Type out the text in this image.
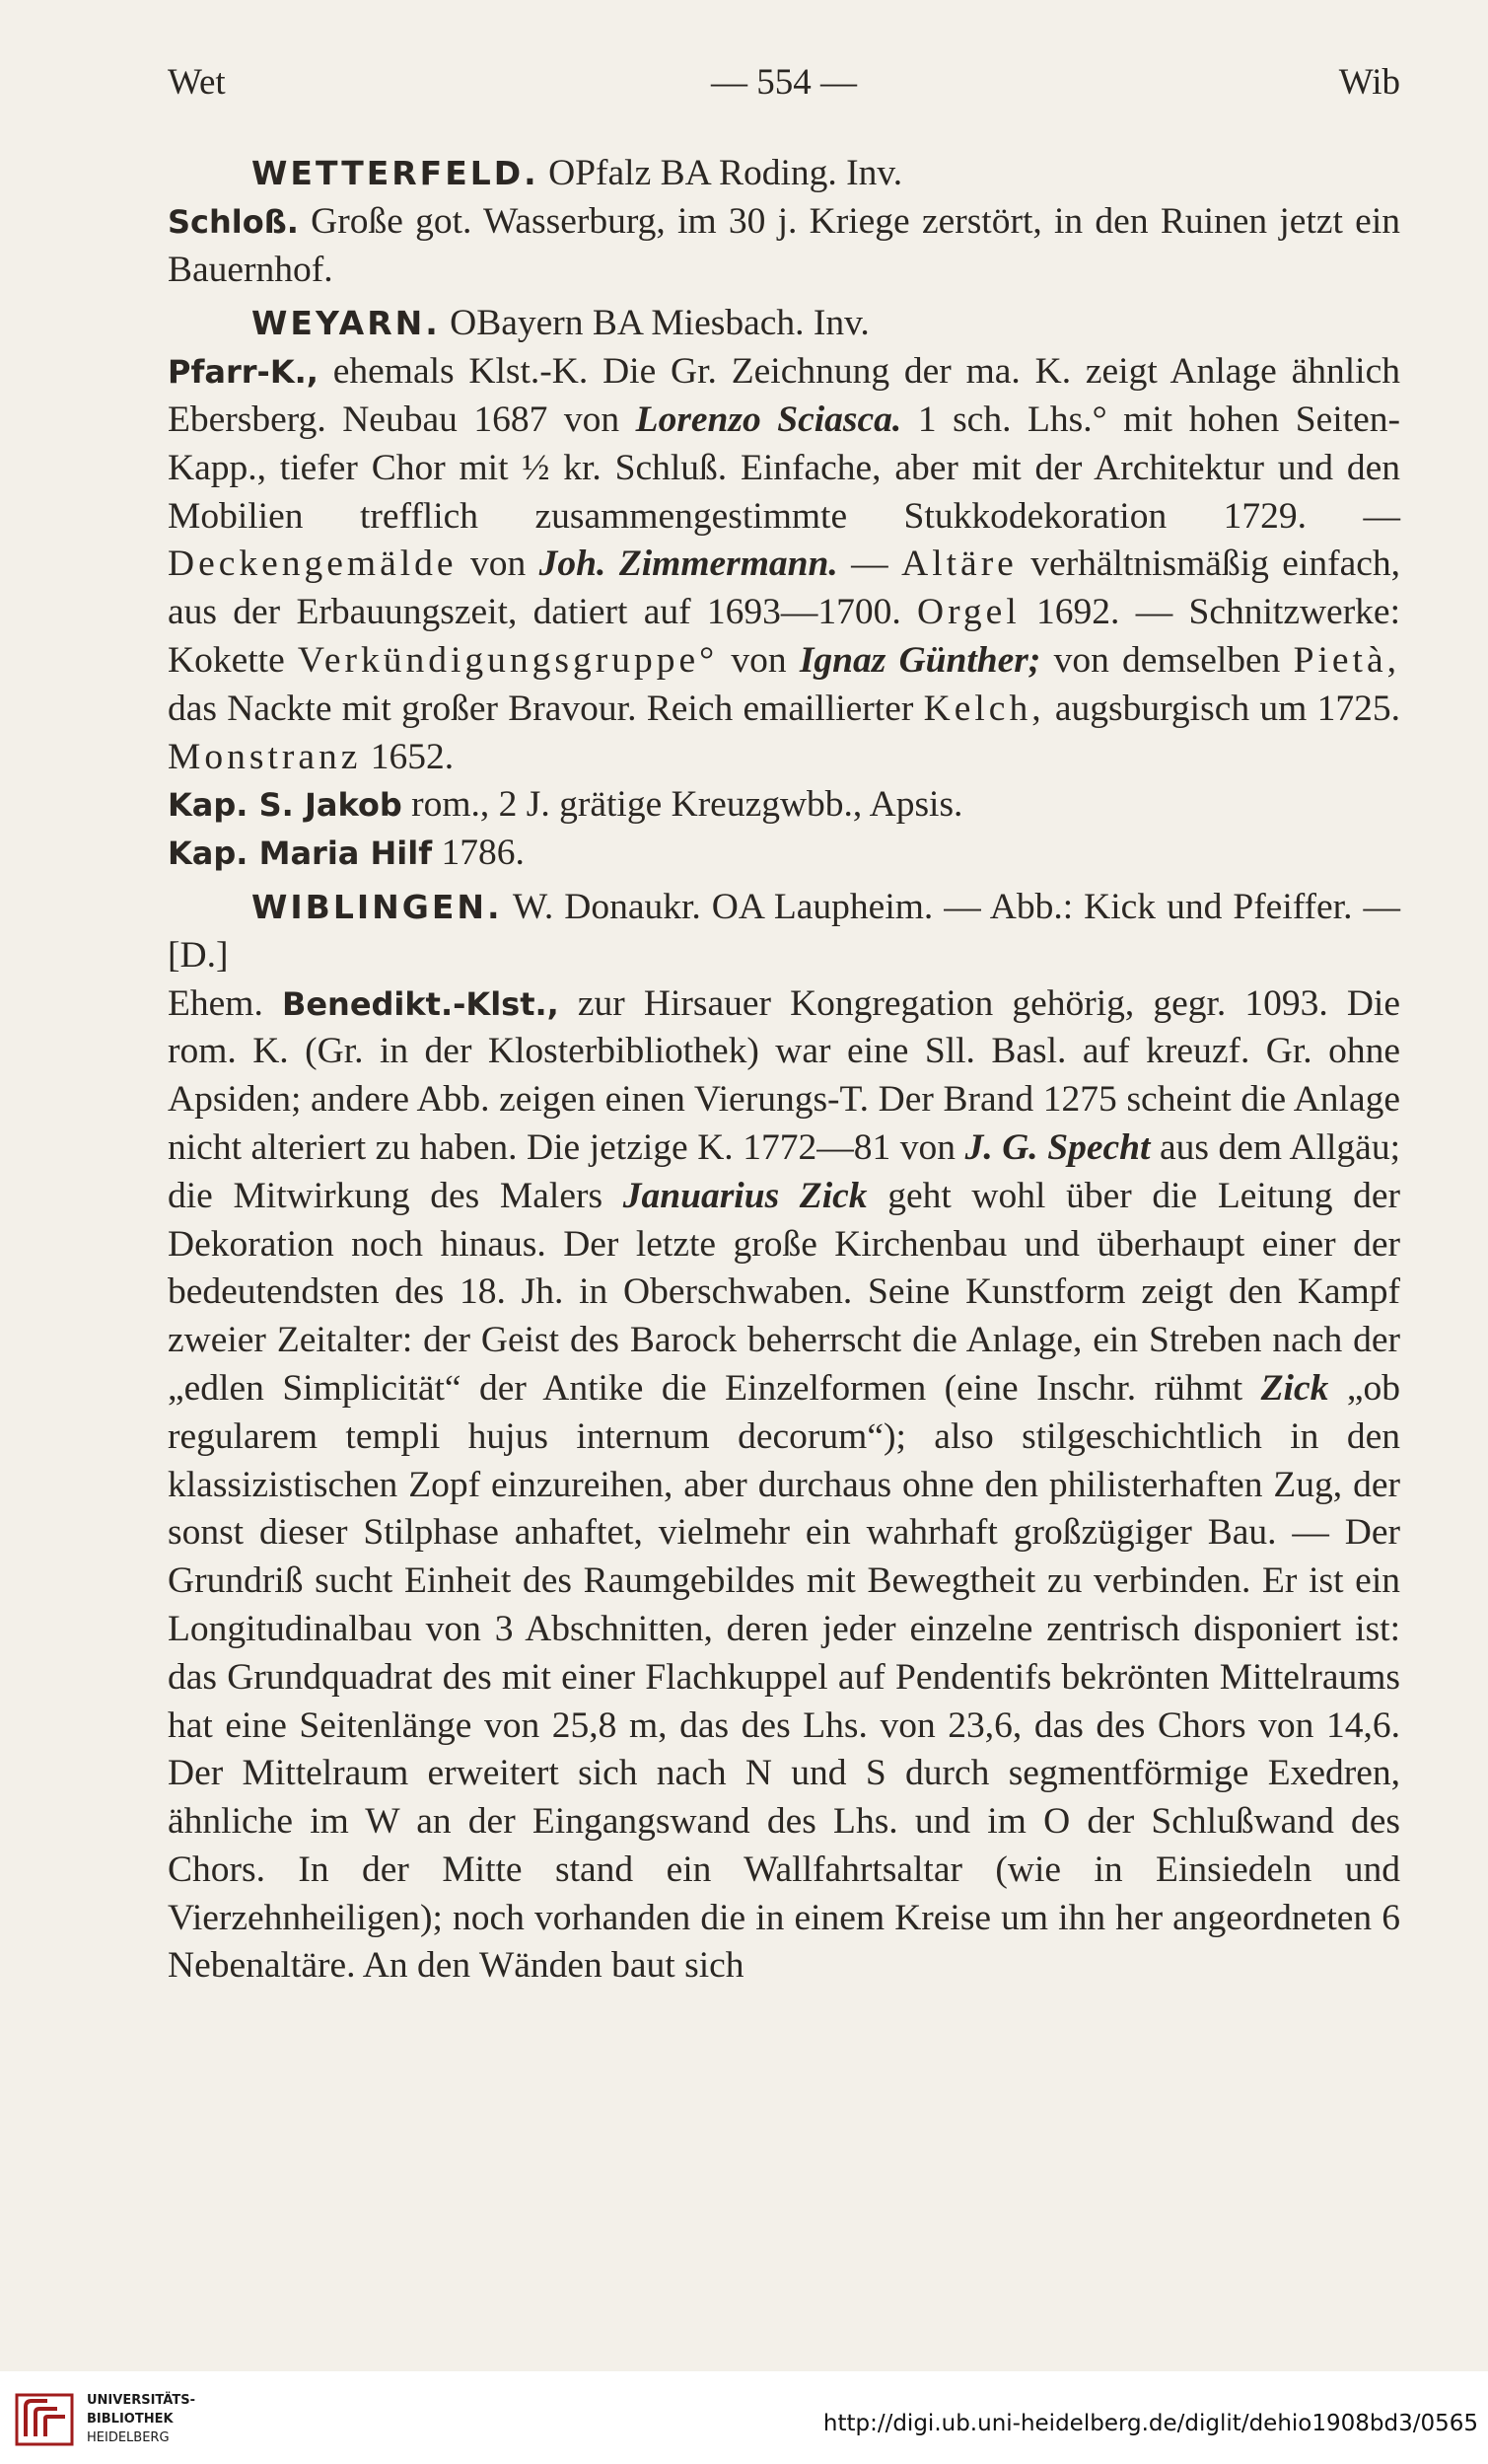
Wet	— 554 —	Wib

WETTERFELD. OPfalz BA Roding. Inv.

Schloß. Große got. Wasserburg, im 30 j. Kriege zerstört, in den Ruinen jetzt ein Bauernhof.

WEYARN. OBayern BA Miesbach. Inv.

Pfarr-K., ehemals Klst.-K. Die Gr. Zeichnung der ma. K. zeigt Anlage ähnlich Ebersberg. Neubau 1687 von Lorenzo Sciasca. 1 sch. Lhs.° mit hohen Seiten-Kapp., tiefer Chor mit ½ kr. Schluß. Einfache, aber mit der Architektur und den Mobilien trefflich zusammengestimmte Stukkodekoration 1729. — Deckengemälde von Joh. Zimmermann. — Altäre verhältnismäßig einfach, aus der Erbauungszeit, datiert auf 1693—1700. Orgel 1692. — Schnitzwerke: Kokette Verkündigungsgruppe° von Ignaz Günther; von demselben Pietà, das Nackte mit großer Bravour. Reich emaillierter Kelch, augsburgisch um 1725. Monstranz 1652.

Kap. S. Jakob rom., 2 J. grätige Kreuzgwbb., Apsis.

Kap. Maria Hilf 1786.

WIBLINGEN. W. Donaukr. OA Laupheim. — Abb.: Kick und Pfeiffer. — [D.]

Ehem. Benedikt.-Klst., zur Hirsauer Kongregation gehörig, gegr. 1093. Die rom. K. (Gr. in der Klosterbibliothek) war eine Sll. Basl. auf kreuzf. Gr. ohne Apsiden; andere Abb. zeigen einen Vierungs-T. Der Brand 1275 scheint die Anlage nicht alteriert zu haben. Die jetzige K. 1772—81 von J. G. Specht aus dem Allgäu; die Mitwirkung des Malers Januarius Zick geht wohl über die Leitung der Dekoration noch hinaus. Der letzte große Kirchenbau und überhaupt einer der bedeutendsten des 18. Jh. in Oberschwaben. Seine Kunstform zeigt den Kampf zweier Zeitalter: der Geist des Barock beherrscht die Anlage, ein Streben nach der „edlen Simplicität“ der Antike die Einzelformen (eine Inschr. rühmt Zick „ob regularem templi hujus internum decorum“); also stilgeschichtlich in den klassizistischen Zopf einzureihen, aber durchaus ohne den philisterhaften Zug, der sonst dieser Stilphase anhaftet, vielmehr ein wahrhaft großzügiger Bau. — Der Grundriß sucht Einheit des Raumgebildes mit Bewegtheit zu verbinden. Er ist ein Longitudinalbau von 3 Abschnitten, deren jeder einzelne zentrisch disponiert ist: das Grundquadrat des mit einer Flachkuppel auf Pendentifs bekrönten Mittelraums hat eine Seitenlänge von 25,8 m, das des Lhs. von 23,6, das des Chors von 14,6. Der Mittelraum erweitert sich nach N und S durch segmentförmige Exedren, ähnliche im W an der Eingangswand des Lhs. und im O der Schlußwand des Chors. In der Mitte stand ein Wallfahrtsaltar (wie in Einsiedeln und Vierzehnheiligen); noch vorhanden die in einem Kreise um ihn her angeordneten 6 Nebenaltäre. An den Wänden baut sich

UNIVERSITÄTS-
BIBLIOTHEK
HEIDELBERG
http://digi.ub.uni-heidelberg.de/diglit/dehio1908bd3/0565
